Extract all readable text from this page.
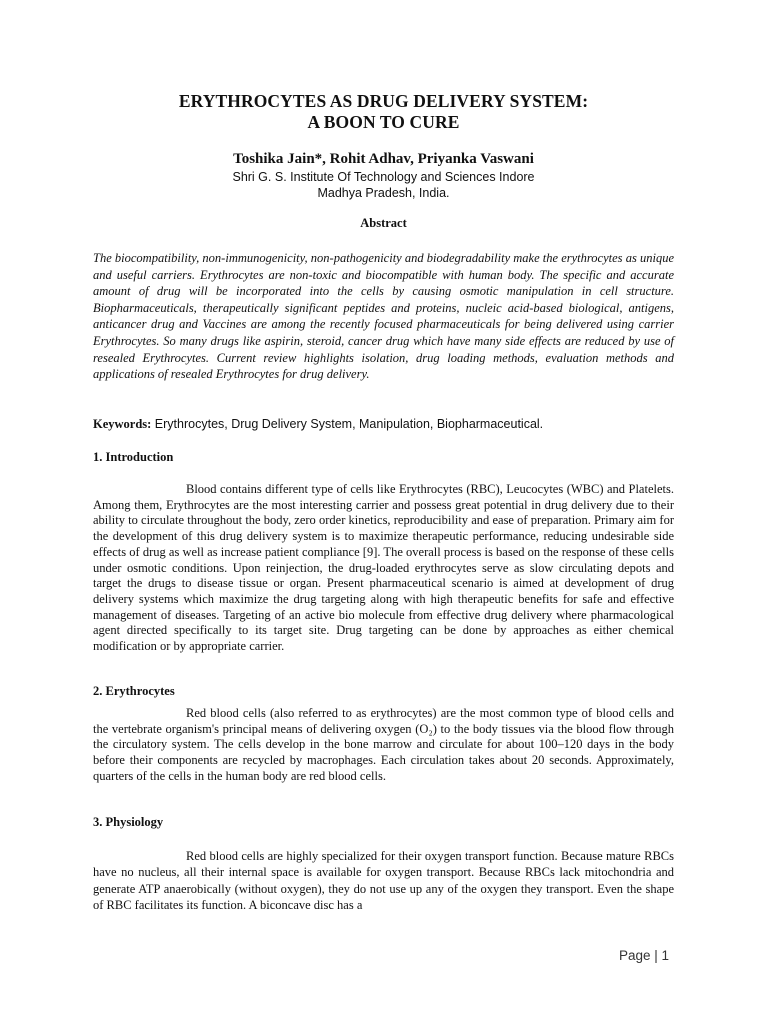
ERYTHROCYTES AS DRUG DELIVERY SYSTEM:
A BOON TO CURE
Toshika Jain*, Rohit Adhav, Priyanka Vaswani
Shri G. S. Institute Of Technology and Sciences Indore
Madhya Pradesh, India.
Abstract

The biocompatibility, non-immunogenicity, non-pathogenicity and biodegradability make the erythrocytes as unique and useful carriers. Erythrocytes are non-toxic and biocompatible with human body. The specific and accurate amount of drug will be incorporated into the cells by causing osmotic manipulation in cell structure. Biopharmaceuticals, therapeutically significant peptides and proteins, nucleic acid-based biological, antigens, anticancer drug and Vaccines are among the recently focused pharmaceuticals for being delivered using carrier Erythrocytes. So many drugs like aspirin, steroid, cancer drug which have many side effects are reduced by use of resealed Erythrocytes. Current review highlights isolation, drug loading methods, evaluation methods and applications of resealed Erythrocytes for drug delivery.

Keywords: Erythrocytes, Drug Delivery System, Manipulation, Biopharmaceutical.

1. Introduction

Blood contains different type of cells like Erythrocytes (RBC), Leucocytes (WBC) and Platelets. Among them, Erythrocytes are the most interesting carrier and possess great potential in drug delivery due to their ability to circulate throughout the body, zero order kinetics, reproducibility and ease of preparation. Primary aim for the development of this drug delivery system is to maximize therapeutic performance, reducing undesirable side effects of drug as well as increase patient compliance [9]. The overall process is based on the response of these cells under osmotic conditions. Upon reinjection, the drug-loaded erythrocytes serve as slow circulating depots and target the drugs to disease tissue or organ. Present pharmaceutical scenario is aimed at development of drug delivery systems which maximize the drug targeting along with high therapeutic benefits for safe and effective management of diseases. Targeting of an active bio molecule from effective drug delivery where pharmacological agent directed specifically to its target site. Drug targeting can be done by approaches as either chemical modification or by appropriate carrier.

2. Erythrocytes

Red blood cells (also referred to as erythrocytes) are the most common type of blood cells and the vertebrate organism's principal means of delivering oxygen (O₂) to the body tissues via the blood flow through the circulatory system. The cells develop in the bone marrow and circulate for about 100–120 days in the body before their components are recycled by macrophages. Each circulation takes about 20 seconds. Approximately, quarters of the cells in the human body are red blood cells.

3. Physiology

Red blood cells are highly specialized for their oxygen transport function. Because mature RBCs have no nucleus, all their internal space is available for oxygen transport. Because RBCs lack mitochondria and generate ATP anaerobically (without oxygen), they do not use up any of the oxygen they transport. Even the shape of RBC facilitates its function. A biconcave disc has a

Page | 1
